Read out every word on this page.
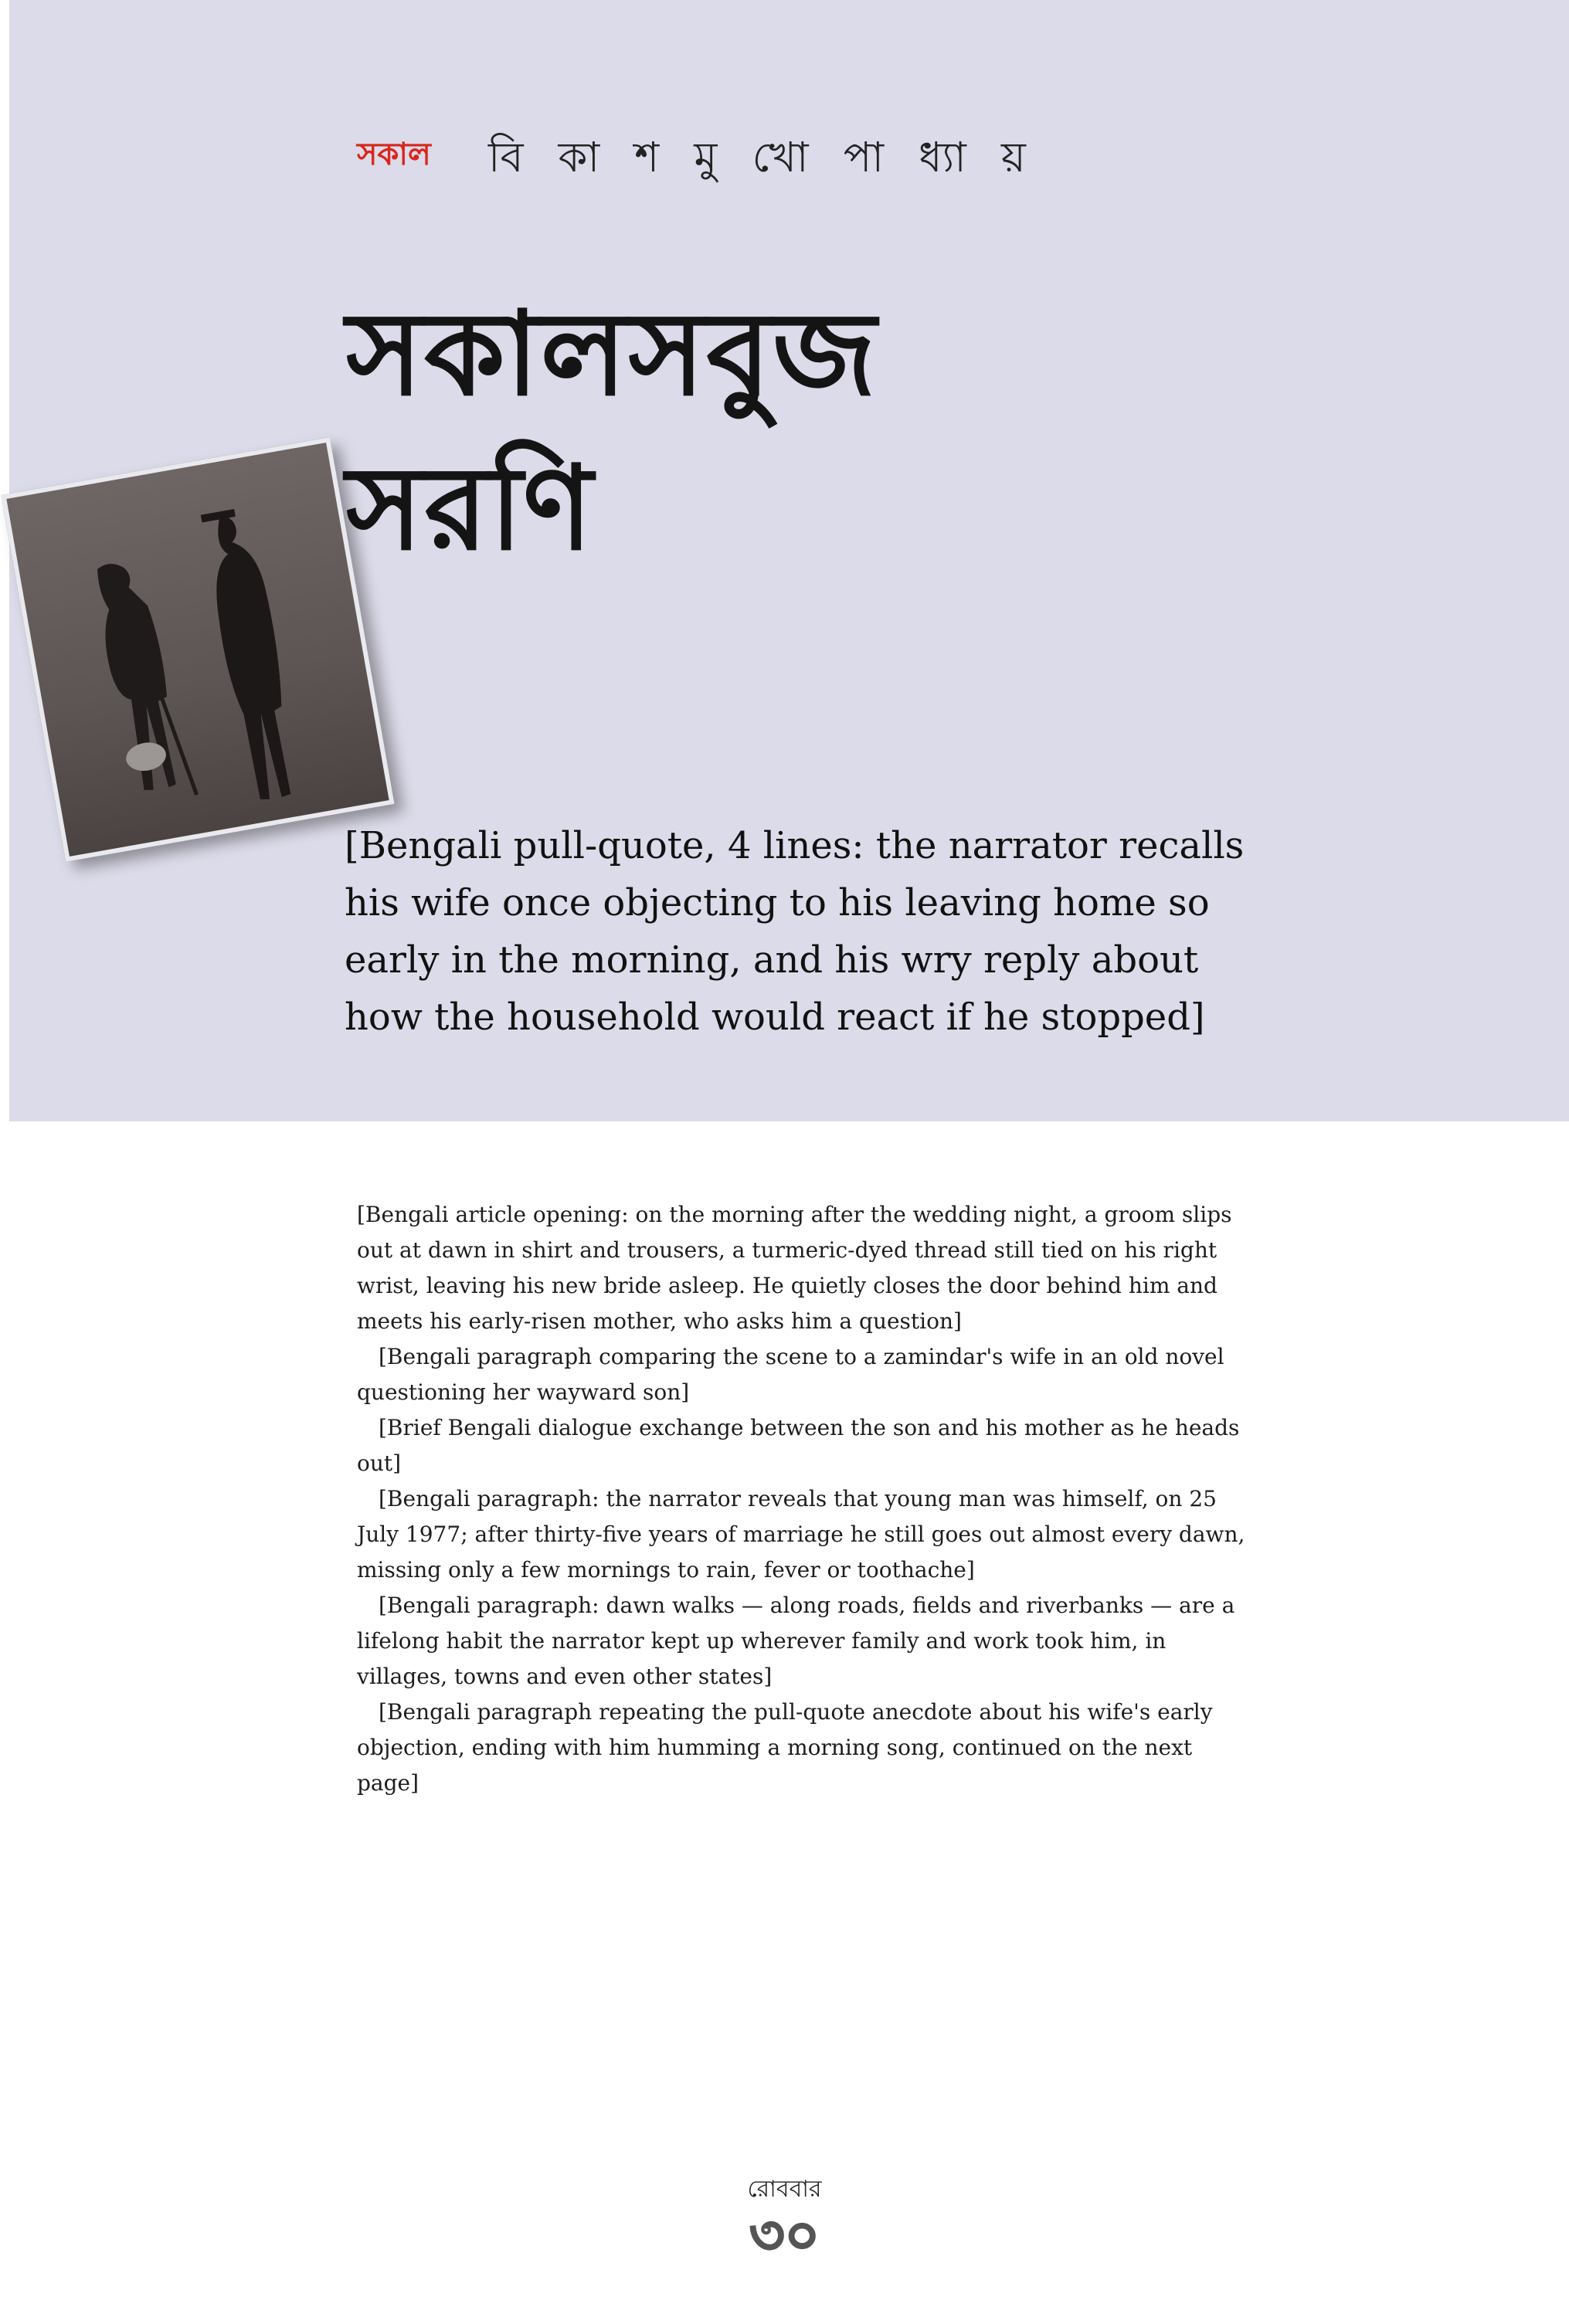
সকাল বি কা শ মু খো পা ধ্যা য়
সকালসবুজ
সরণি
[Bengali pull-quote, 4 lines: the narrator recalls his wife once objecting to his leaving home so early in the morning, and his wry reply about how the household would react if he stopped]

[Bengali article opening: on the morning after the wedding night, a groom slips out at dawn in shirt and trousers, a turmeric-dyed thread still tied on his right wrist, leaving his new bride asleep. He quietly closes the door behind him and meets his early-risen mother, who asks him a question]

[Bengali paragraph comparing the scene to a zamindar's wife in an old novel questioning her wayward son]

[Brief Bengali dialogue exchange between the son and his mother as he heads out]

[Bengali paragraph: the narrator reveals that young man was himself, on 25 July 1977; after thirty-five years of marriage he still goes out almost every dawn, missing only a few mornings to rain, fever or toothache]

[Bengali paragraph: dawn walks — along roads, fields and riverbanks — are a lifelong habit the narrator kept up wherever family and work took him, in villages, towns and even other states]

[Bengali paragraph repeating the pull-quote anecdote about his wife's early objection, ending with him humming a morning song, continued on the next page]

রোববার
৩০
